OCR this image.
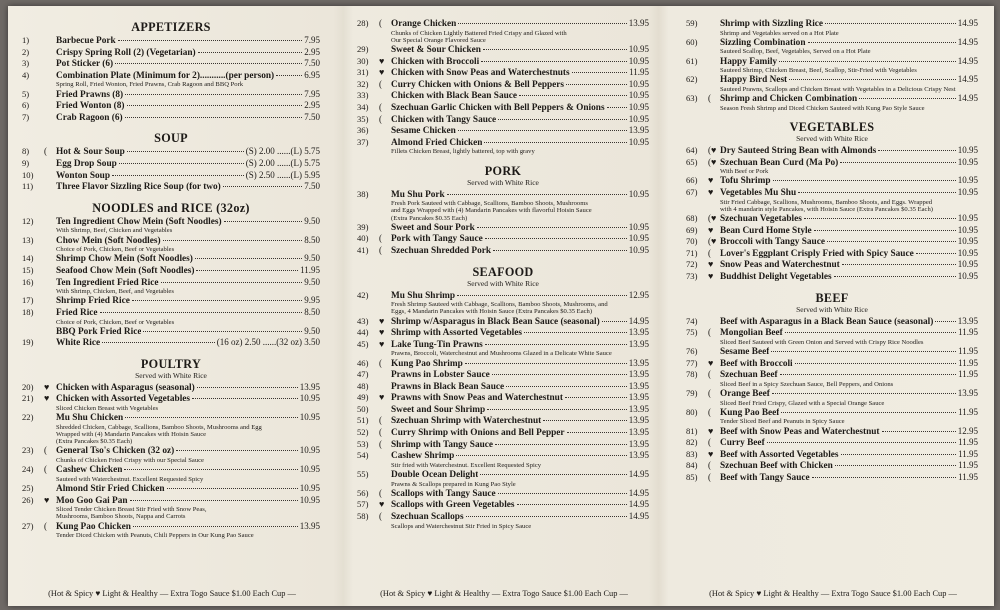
APPETIZERS
1)	Barbecue Pork	7.95
2)	Crispy Spring Roll (2) (Vegetarian)	2.95
3)	Pot Sticker (6)	7.50
4)	Combination Plate (Minimum for 2)...........(per person)	6.95
Spring Roll, Fried Wonton, Fried Prawns, Crab Ragoon and BBQ Pork
5)	Fried Prawns (8)	7.95
6)	Fried Wonton (8)	2.95
7)	Crab Ragoon (6)	7.50
SOUP
8)	( Hot & Sour Soup	(S) 2.00 ......(L) 5.75
9)	Egg Drop Soup	(S) 2.00 ......(L) 5.75
10)	Wonton Soup	(S) 2.50 ......(L) 5.95
11)	Three Flavor Sizzling Rice Soup (for two)	7.50
NOODLES and RICE (32oz)
12)	Ten Ingredient Chow Mein (Soft Noodles)	9.50
With Shrimp, Beef, Chicken and Vegetables
13)	Chow Mein (Soft Noodles)	8.50
Choice of Pork, Chicken, Beef or Vegetables
14)	Shrimp Chow Mein (Soft Noodles)	9.50
15)	Seafood Chow Mein (Soft Noodles)	11.95
16)	Ten Ingredient Fried Rice	9.50
With Shrimp, Chicken, Beef, and Vegetables
17)	Shrimp Fried Rice	9.95
18)	Fried Rice	8.50
Choice of Pork, Chicken, Beef or Vegetables
BBQ Pork Fried Rice	9.50
19)	White Rice	(16 oz) 2.50 ......(32 oz) 3.50
POULTRY
Served with White Rice
20)	♥ Chicken with Asparagus (seasonal)	13.95
21)	♥ Chicken with Assorted Vegetables	10.95
Sliced Chicken Breast with Vegetables
22)	Mu Shu Chicken	10.95
Shredded Chicken, Cabbage, Scallions, Bamboo Shoots, Mushrooms and Egg
Wrapped with (4) Mandarin Pancakes with Hoisin Sauce
(Extra Pancakes $0.35 Each)
23)	( General Tso's Chicken (32 oz)	10.95
Chunks of Chicken Fried Crispy with our Special Sauce
24)	( Cashew Chicken	10.95
Sauteed with Waterchestnut. Excellent Requested Spicy
25)	Almond Stir Fried Chicken	10.95
26)	♥ Moo Goo Gai Pan	10.95
Sliced Tender Chicken Breast Stir Fried with Snow Peas,
Mushrooms, Bamboo Shoots, Nappa and Carrots
27)	( Kung Pao Chicken	13.95
Tender Diced Chicken with Peanuts, Chili Peppers in Our Kung Pao Sauce
(Hot & Spicy ♥ Light & Healthy — Extra Togo Sauce $1.00 Each Cup —
28)	( Orange Chicken	13.95
Chunks of Chicken Lightly Battered Fried Crispy and Glazed with
Our Special Orange Flavored Sauce
29)	Sweet & Sour Chicken	10.95
30)	♥ Chicken with Broccoli	10.95
31)	♥ Chicken with Snow Peas and Waterchestnuts	11.95
32)	( Curry Chicken with Onions & Bell Peppers	10.95
33)	Chicken with Black Bean Sauce	10.95
34)	( Szechuan Garlic Chicken with Bell Peppers & Onions	10.95
35)	( Chicken with Tangy Sauce	10.95
36)	Sesame Chicken	13.95
37)	Almond Fried Chicken	10.95
Fillets Chicken Breast, lightly battered, top with gravy
PORK
Served with White Rice
38)	Mu Shu Pork	10.95
Fresh Pork Sauteed with Cabbage, Scallions, Bamboo Shoots, Mushrooms
and Eggs Wrapped with (4) Mandarin Pancakes with flavorful Hoisin Sauce
(Extra Pancakes $0.35 Each)
39)	Sweet and Sour Pork	10.95
40)	( Pork with Tangy Sauce	10.95
41)	( Szechuan Shredded Pork	10.95
SEAFOOD
Served with White Rice
42)	Mu Shu Shrimp	12.95
Fresh Shrimp Sauteed with Cabbage, Scallions, Bamboo Shoots, Mushrooms, and
Eggs, 4 Mandarin Pancakes with Hoisin Sauce (Extra Pancakes $0.35 Each)
43)	♥ Shrimp w/Asparagus in Black Bean Sauce (seasonal)	14.95
44)	♥ Shrimp with Assorted Vegetables	13.95
45)	♥ Lake Tung-Tin Prawns	13.95
Prawns, Broccoli, Waterchestnut and Mushrooms Glazed in a Delicate White Sauce
46)	( Kung Pao Shrimp	13.95
47)	Prawns in Lobster Sauce	13.95
48)	Prawns in Black Bean Sauce	13.95
49)	♥ Prawns with Snow Peas and Waterchestnut	13.95
50)	Sweet and Sour Shrimp	13.95
51)	( Szechuan Shrimp with Waterchestnut	13.95
52)	( Curry Shrimp with Onions and Bell Pepper	13.95
53)	( Shrimp with Tangy Sauce	13.95
54)	Cashew Shrimp	13.95
Stir fried with Waterchestnut. Excellent Requested Spicy
55)	Double Ocean Delight	14.95
Prawns & Scallops prepared in Kung Pao Style
56)	( Scallops with Tangy Sauce	14.95
57)	♥ Scallops with Green Vegetables	14.95
58)	( Szechuan Scallops	14.95
Scallops and Waterchestnut Stir Fried in Spicy Sauce
(Hot & Spicy ♥ Light & Healthy — Extra Togo Sauce $1.00 Each Cup —
59)	Shrimp with Sizzling Rice	14.95
Shrimp and Vegetables served on a Hot Plate
60)	Sizzling Combination	14.95
Sauteed Scallop, Beef, Vegetables, Served on a Hot Plate
61)	Happy Family	14.95
Sauteed Shrimp, Chicken Breast, Beef, Scallop, Stir-Fried with Vegetables
62)	Happy Bird Nest	14.95
Sauteed Prawns, Scallops and Chicken Breast with Vegetables in a Delicious Crispy Nest
63)	( Shrimp and Chicken Combination	14.95
Season Fresh Shrimp and Diced Chicken Sauteed with Kung Pao Style Sauce
VEGETABLES
Served with White Rice
64)	(♥ Dry Sauteed String Bean with Almonds	10.95
65)	(♥ Szechuan Bean Curd (Ma Po)	10.95
With Beef or Pork
66)	♥ Tofu Shrimp	10.95
67)	♥ Vegetables Mu Shu	10.95
Stir Fried Cabbage, Scallions, Mushrooms, Bamboo Shoots, and Eggs. Wrapped
with 4 mandarin style Pancakes, with Hoisin Sauce (Extra Pancakes $0.35 Each)
68)	(♥ Szechuan Vegetables	10.95
69)	♥ Bean Curd Home Style	10.95
70)	(♥ Broccoli with Tangy Sauce	10.95
71)	( Lover's Eggplant Crisply Fried with Spicy Sauce	10.95
72)	♥ Snow Peas and Waterchestnut	10.95
73)	♥ Buddhist Delight Vegetables	10.95
BEEF
Served with White Rice
74)	Beef with Asparagus in a Black Bean Sauce (seasonal)	13.95
75)	( Mongolian Beef	11.95
Sliced Beef Sauteed with Green Onion and Served with Crispy Rice Noodles
76)	Sesame Beef	11.95
77)	♥ Beef with Broccoli	11.95
78)	( Szechuan Beef	11.95
Sliced Beef in a Spicy Szechuan Sauce, Bell Peppers, and Onions
79)	( Orange Beef	13.95
Sliced Beef Fried Crispy, Glazed with a Special Orange Sauce
80)	( Kung Pao Beef	11.95
Tender Sliced Beef and Peanuts in Spicy Sauce
81)	♥ Beef with Snow Peas and Waterchestnut	12.95
82)	( Curry Beef	11.95
83)	♥ Beef with Assorted Vegetables	11.95
84)	( Szechuan Beef with Chicken	11.95
85)	( Beef with Tangy Sauce	11.95
(Hot & Spicy ♥ Light & Healthy — Extra Togo Sauce $1.00 Each Cup —
